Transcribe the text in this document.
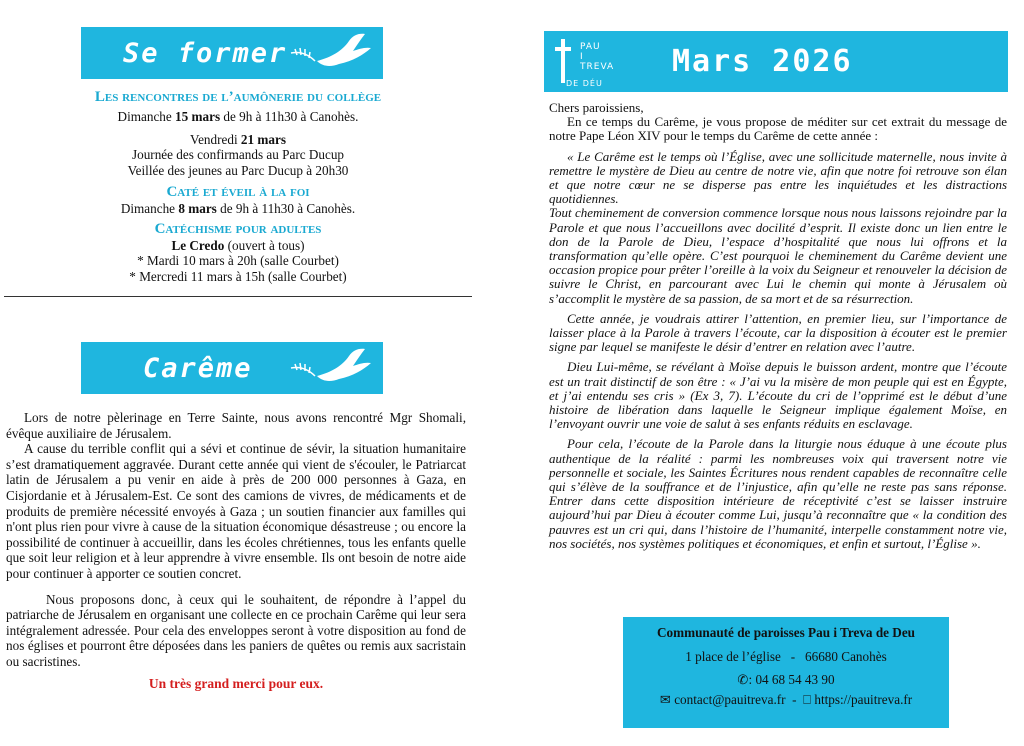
Se former
Les rencontres de l’aumônerie du collège
Dimanche 15 mars de 9h à 11h30 à Canohès.
Vendredi 21 mars
Journée des confirmands au Parc Ducup
Veillée des jeunes au Parc Ducup à 20h30
Caté et éveil à la foi
Dimanche 8 mars de 9h à 11h30 à Canohès.
Catéchisme pour adultes
Le Credo (ouvert à tous)
* Mardi 10 mars à 20h (salle Courbet)
* Mercredi 11 mars à 15h (salle Courbet)
Carême

Lors de notre pèlerinage en Terre Sainte, nous avons rencontré Mgr Shomali, évêque auxiliaire de Jérusalem.

A cause du terrible conflit qui a sévi et continue de sévir, la situation humanitaire s’est dramatiquement aggravée. Durant cette année qui vient de s'écouler, le Patriarcat latin de Jérusalem a pu venir en aide à près de 200 000 personnes à Gaza, en Cisjordanie et à Jérusalem-Est. Ce sont des camions de vivres, de médicaments et de produits de première nécessité envoyés à Gaza ; un soutien financier aux familles qui n'ont plus rien pour vivre à cause de la situation économique désastreuse ; ou encore la possibilité de continuer à accueillir, dans les écoles chrétiennes, tous les enfants quelle que soit leur religion et à leur apprendre à vivre ensemble. Ils ont besoin de notre aide pour continuer à apporter ce soutien concret.

Nous proposons donc, à ceux qui le souhaitent, de répondre à l’appel du patriarche de Jérusalem en organisant une collecte en ce prochain Carême qui leur sera intégralement adressée. Pour cela des enveloppes seront à votre disposition au fond de nos églises et pourront être déposées dans les paniers de quêtes ou remis aux sacristain ou sacristines.

Un très grand merci pour eux.
PAU
I
TREVA
DE DÉU
Mars 2026

Chers paroissiens,

En ce temps du Carême, je vous propose de méditer sur cet extrait du message de notre Pape Léon XIV pour le temps du Carême de cette année :

« Le Carême est le temps où l’Église, avec une sollicitude maternelle, nous invite à remettre le mystère de Dieu au centre de notre vie, afin que notre foi retrouve son élan et que notre cœur ne se disperse pas entre les inquiétudes et les distractions quotidiennes.

Tout cheminement de conversion commence lorsque nous nous laissons rejoindre par la Parole et que nous l’accueillons avec docilité d’esprit. Il existe donc un lien entre le don de la Parole de Dieu, l’espace d’hospitalité que nous lui offrons et la transformation qu’elle opère. C’est pourquoi le cheminement du Carême devient une occasion propice pour prêter l’oreille à la voix du Seigneur et renouveler la décision de suivre le Christ, en parcourant avec Lui le chemin qui monte à Jérusalem où s’accomplit le mystère de sa passion, de sa mort et de sa résurrection.

Cette année, je voudrais attirer l’attention, en premier lieu, sur l’importance de laisser place à la Parole à travers l’écoute, car la disposition à écouter est le premier signe par lequel se manifeste le désir d’entrer en relation avec l’autre.

Dieu Lui-même, se révélant à Moïse depuis le buisson ardent, montre que l’écoute est un trait distinctif de son être : « J’ai vu la misère de mon peuple qui est en Égypte, et j’ai entendu ses cris » (Ex 3, 7). L’écoute du cri de l’opprimé est le début d’une histoire de libération dans laquelle le Seigneur implique également Moïse, en l’envoyant ouvrir une voie de salut à ses enfants réduits en esclavage.

Pour cela, l’écoute de la Parole dans la liturgie nous éduque à une écoute plus authentique de la réalité : parmi les nombreuses voix qui traversent notre vie personnelle et sociale, les Saintes Écritures nous rendent capables de reconnaître celle qui s’élève de la souffrance et de l’injustice, afin qu’elle ne reste pas sans réponse. Entrer dans cette disposition intérieure de réceptivité c’est se laisser instruire aujourd’hui par Dieu à écouter comme Lui, jusqu’à reconnaître que « la condition des pauvres est un cri qui, dans l’histoire de l’humanité, interpelle constamment notre vie, nos sociétés, nos systèmes politiques et économiques, et enfin et surtout, l’Église ».

Communauté de paroisses Pau i Treva de Deu
1 place de l’église   -   66680 Canohès
✆: 04 68 54 43 90
✉ contact@pauitreva.fr - ⎕ https://pauitreva.fr
